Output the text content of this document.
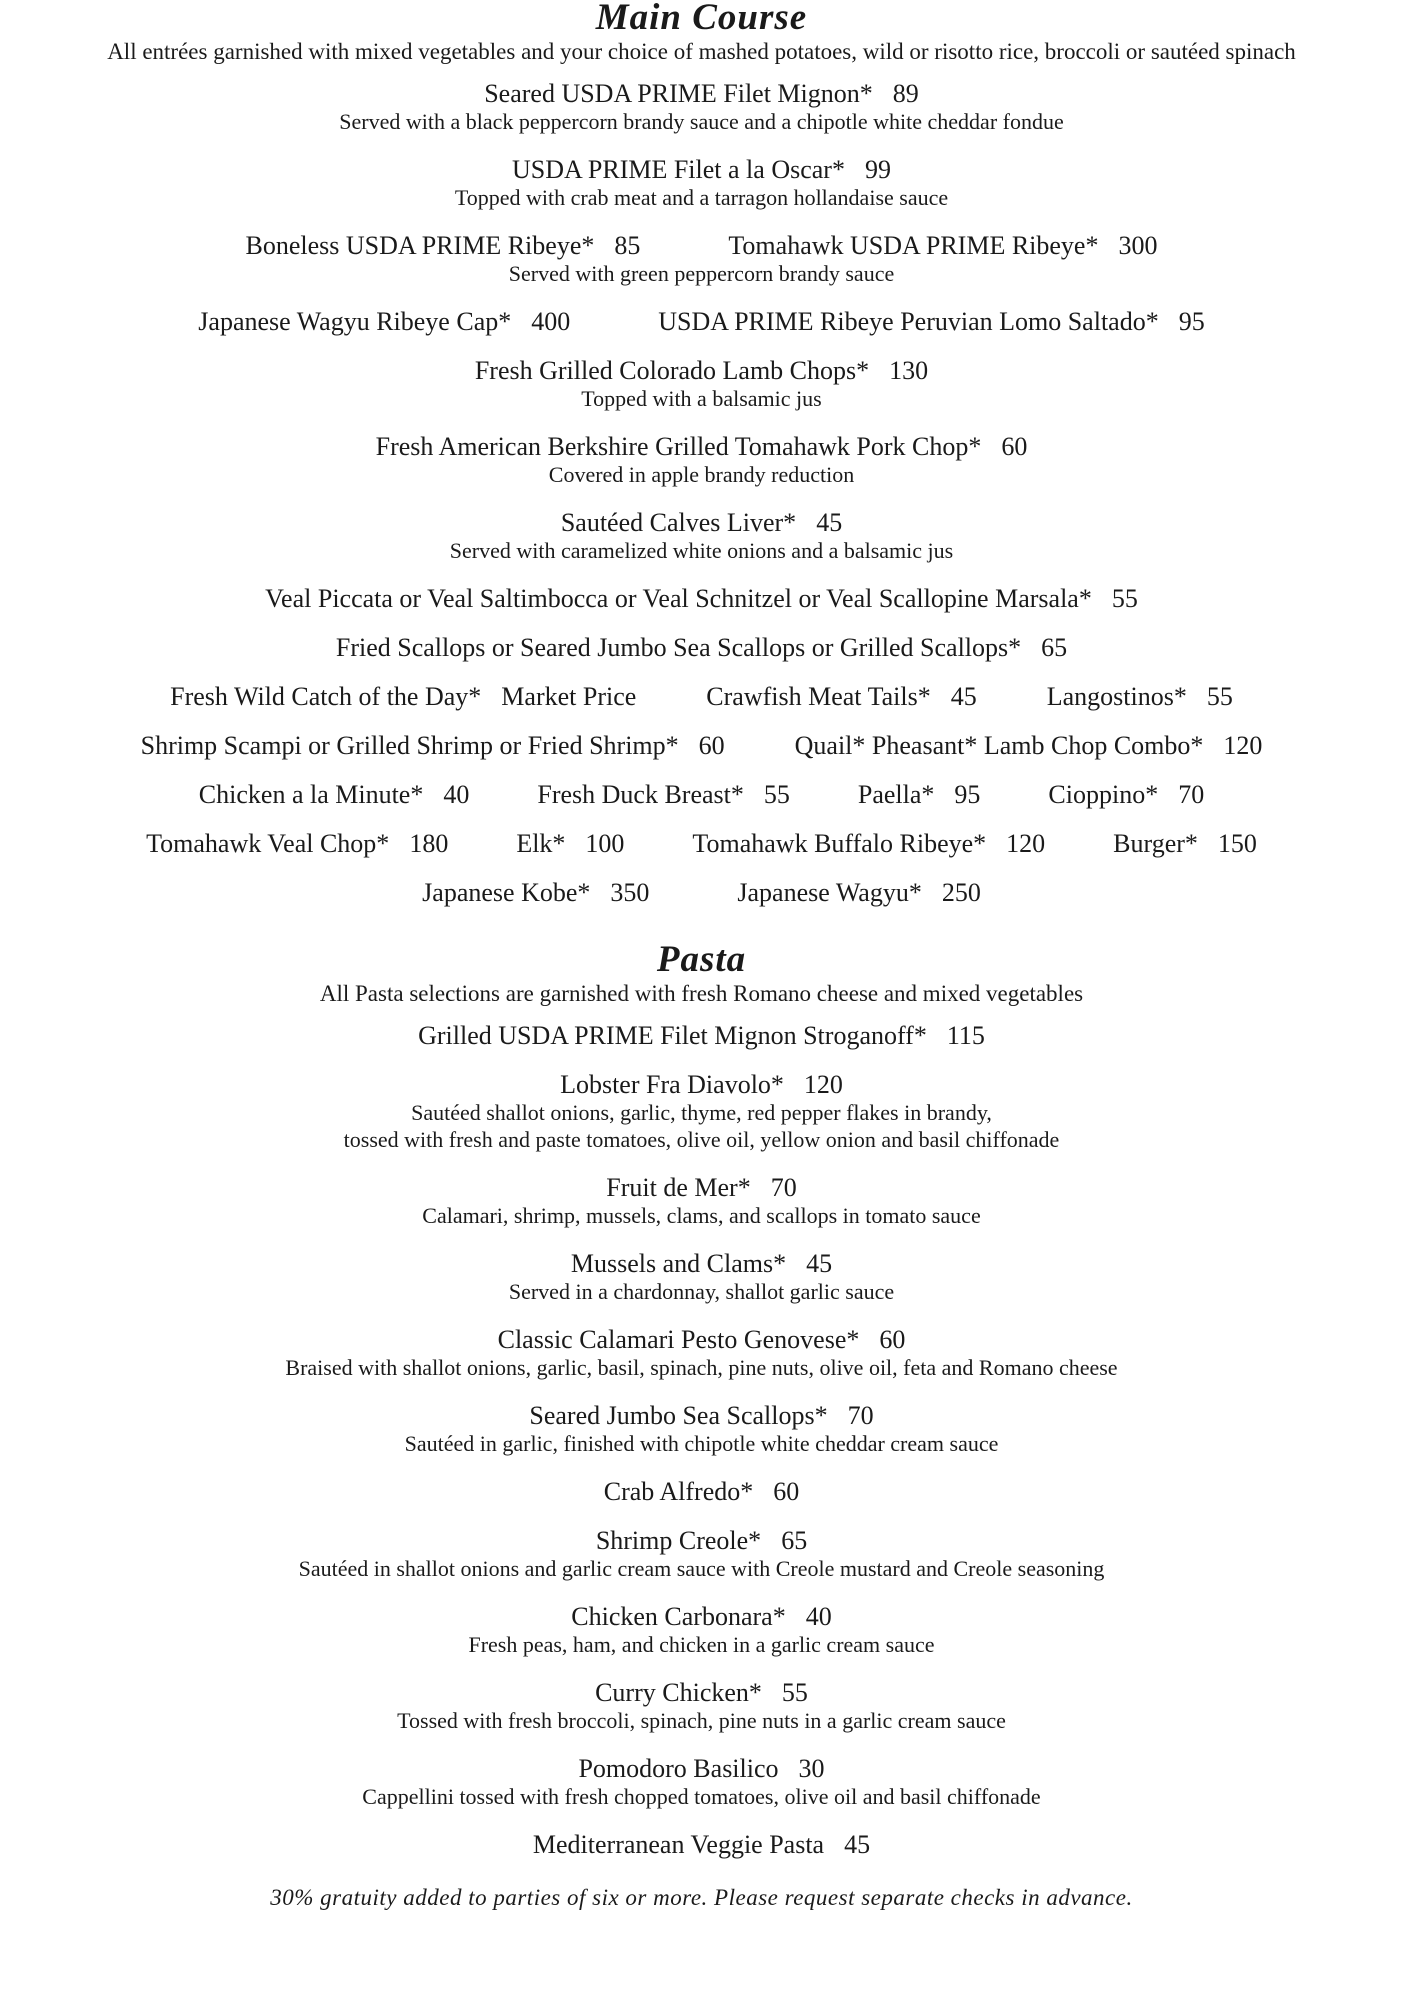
Main Course
All entrées garnished with mixed vegetables and your choice of mashed potatoes, wild or risotto rice, broccoli or sautéed spinach
Seared USDA PRIME Filet Mignon* 89
Served with a black peppercorn brandy sauce and a chipotle white cheddar fondue
USDA PRIME Filet a la Oscar* 99
Topped with crab meat and a tarragon hollandaise sauce
Boneless USDA PRIME Ribeye* 85	Tomahawk USDA PRIME Ribeye* 300
Served with green peppercorn brandy sauce
Japanese Wagyu Ribeye Cap* 400	USDA PRIME Ribeye Peruvian Lomo Saltado* 95
Fresh Grilled Colorado Lamb Chops* 130
Topped with a balsamic jus
Fresh American Berkshire Grilled Tomahawk Pork Chop* 60
Covered in apple brandy reduction
Sautéed Calves Liver* 45
Served with caramelized white onions and a balsamic jus
Veal Piccata or Veal Saltimbocca or Veal Schnitzel or Veal Scallopine Marsala* 55
Fried Scallops or Seared Jumbo Sea Scallops or Grilled Scallops* 65
Fresh Wild Catch of the Day* Market Price	Crawfish Meat Tails* 45	Langostinos* 55
Shrimp Scampi or Grilled Shrimp or Fried Shrimp* 60	Quail* Pheasant* Lamb Chop Combo* 120
Chicken a la Minute* 40	Fresh Duck Breast* 55	Paella* 95	Cioppino* 70
Tomahawk Veal Chop* 180	Elk* 100	Tomahawk Buffalo Ribeye* 120	Burger* 150
Japanese Kobe* 350	Japanese Wagyu* 250
Pasta
All Pasta selections are garnished with fresh Romano cheese and mixed vegetables
Grilled USDA PRIME Filet Mignon Stroganoff* 115
Lobster Fra Diavolo* 120
Sautéed shallot onions, garlic, thyme, red pepper flakes in brandy,
tossed with fresh and paste tomatoes, olive oil, yellow onion and basil chiffonade
Fruit de Mer* 70
Calamari, shrimp, mussels, clams, and scallops in tomato sauce
Mussels and Clams* 45
Served in a chardonnay, shallot garlic sauce
Classic Calamari Pesto Genovese* 60
Braised with shallot onions, garlic, basil, spinach, pine nuts, olive oil, feta and Romano cheese
Seared Jumbo Sea Scallops* 70
Sautéed in garlic, finished with chipotle white cheddar cream sauce
Crab Alfredo* 60
Shrimp Creole* 65
Sautéed in shallot onions and garlic cream sauce with Creole mustard and Creole seasoning
Chicken Carbonara* 40
Fresh peas, ham, and chicken in a garlic cream sauce
Curry Chicken* 55
Tossed with fresh broccoli, spinach, pine nuts in a garlic cream sauce
Pomodoro Basilico 30
Cappellini tossed with fresh chopped tomatoes, olive oil and basil chiffonade
Mediterranean Veggie Pasta 45
30% gratuity added to parties of six or more. Please request separate checks in advance.
